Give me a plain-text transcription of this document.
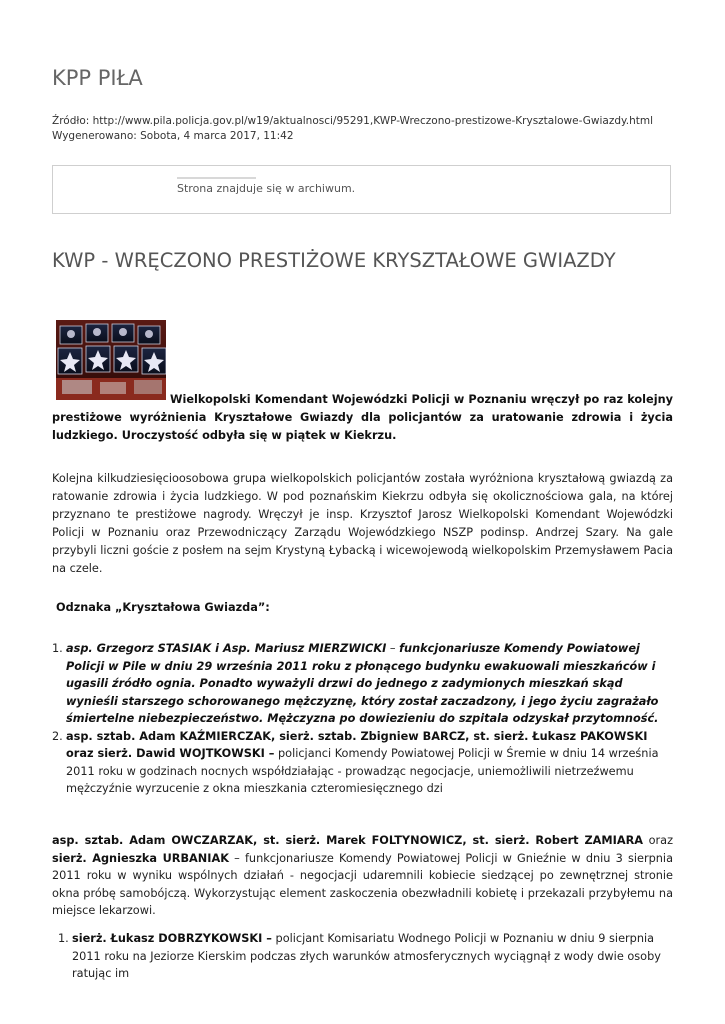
KPP PIŁA
Źródło: http://www.pila.policja.gov.pl/w19/aktualnosci/95291,KWP-Wreczono-prestizowe-Krysztalowe-Gwiazdy.html
Wygenerowano: Sobota, 4 marca 2017, 11:42
Strona znajduje się w archiwum.
KWP - WRĘCZONO PRESTIŻOWE KRYSZTAŁOWE GWIAZDY
Wielkopolski Komendant Wojewódzki Policji w Poznaniu wręczył po raz kolejny prestiżowe wyróżnienia Kryształowe Gwiazdy dla policjantów za uratowanie zdrowia i życia ludzkiego. Uroczystość odbyła się w piątek w Kiekrzu.
Kolejna kilkudziesięcioosobowa grupa wielkopolskich policjantów została wyróżniona kryształową gwiazdą za ratowanie zdrowia i życia ludzkiego. W pod poznańskim Kiekrzu odbyła się okolicznościowa gala, na której przyznano te prestiżowe nagrody. Wręczył je insp. Krzysztof Jarosz Wielkopolski Komendant Wojewódzki Policji w Poznaniu oraz Przewodniczący Zarządu Wojewódzkiego NSZP podinsp. Andrzej Szary. Na gale przybyli liczni goście z posłem na sejm Krystyną Łybacką i wicewojewodą wielkopolskim Przemysławem Pacia na czele.
Odznaka „Kryształowa Gwiazda”:
1. asp. Grzegorz STASIAK i Asp. Mariusz MIERZWICKI – funkcjonariusze Komendy Powiatowej Policji w Pile w dniu 29 września 2011 roku z płonącego budynku ewakuowali mieszkańców i ugasili źródło ognia. Ponadto wyważyli drzwi do jednego z zadymionych mieszkań skąd wynieśli starszego schorowanego mężczyznę, który został zaczadzony, i jego życiu zagrażało śmiertelne niebezpieczeństwo. Mężczyzna po dowiezieniu do szpitala odzyskał przytomność.
2. asp. sztab. Adam KAŹMIERCZAK, sierż. sztab. Zbigniew BARCZ, st. sierż. Łukasz PAKOWSKI oraz sierż. Dawid WOJTKOWSKI – policjanci Komendy Powiatowej Policji w Śremie w dniu 14 września 2011 roku w godzinach nocnych współdziałając - prowadząc negocjacje, uniemożliwili nietrzeźwemu mężczyźnie wyrzucenie z okna mieszkania czteromiesięcznego dzi
asp. sztab. Adam OWCZARZAK, st. sierż. Marek FOLTYNOWICZ, st. sierż. Robert ZAMIARA oraz sierż. Agnieszka URBANIAK – funkcjonariusze Komendy Powiatowej Policji w Gnieźnie w dniu 3 sierpnia 2011 roku w wyniku wspólnych działań - negocjacji udaremnili kobiecie siedzącej po zewnętrznej stronie okna próbę samobójczą. Wykorzystując element zaskoczenia obezwładnili kobietę i przekazali przybyłemu na miejsce lekarzowi.
1. sierż. Łukasz DOBRZYKOWSKI – policjant Komisariatu Wodnego Policji w Poznaniu w dniu 9 sierpnia 2011 roku na Jeziorze Kierskim podczas złych warunków atmosferycznych wyciągnął z wody dwie osoby ratując im
